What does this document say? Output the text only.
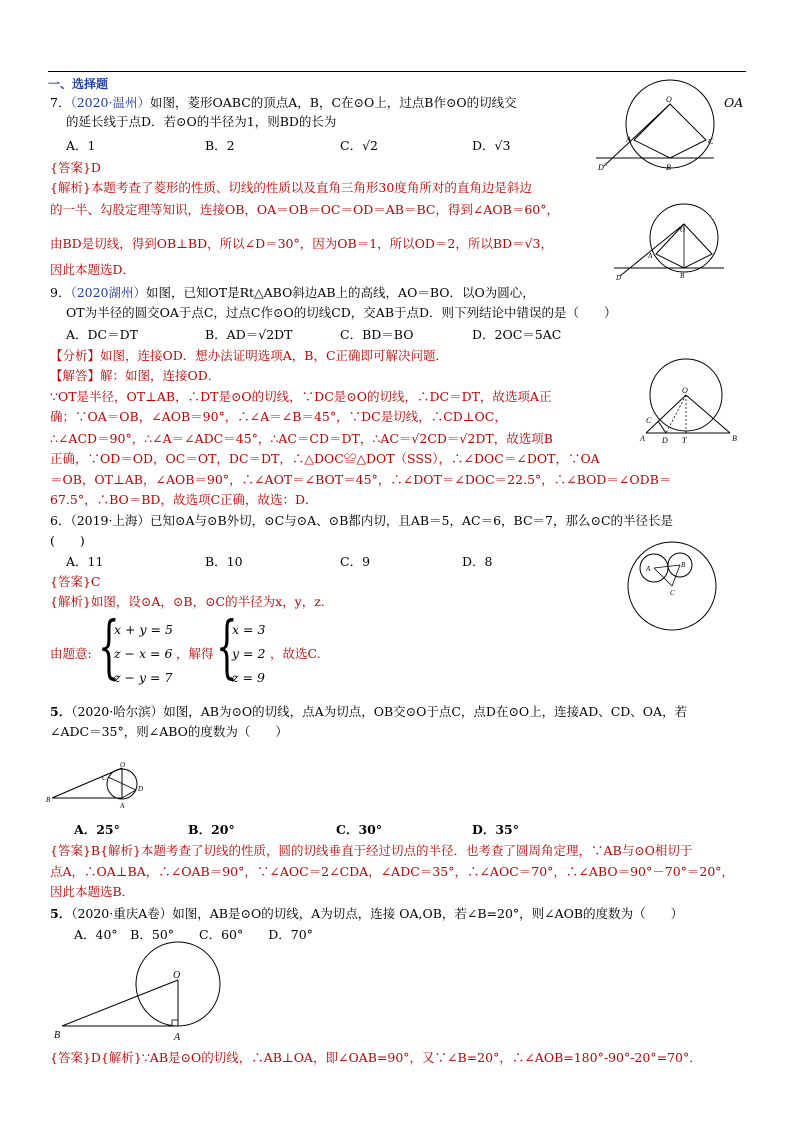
一、选择题
7．（2020·温州）如图，菱形OABC的顶点A，B，C在⊙O上，过点B作⊙O的切线交	OA
的延长线于点D．若⊙O的半径为1，则BD的长为
A．1	B．2	C．√2	D．√3
{答案}D
{解析}本题考查了菱形的性质、切线的性质以及直角三角形30度角所对的直角边是斜边
的一半、勾股定理等知识，连接OB，OA＝OB＝OC＝OD＝AB＝BC，得到∠AOB＝60°，
由BD是切线，得到OB⊥BD，所以∠D＝30°，因为OB＝1，所以OD＝2，所以BD＝√3，
因此本题选D．
O
A
B
C
D
O
A
B
D
9．（2020湖州）如图，已知OT是Rt△ABO斜边AB上的高线，AO＝BO．以O为圆心，
OT为半径的圆交OA于点C，过点C作⊙O的切线CD，交AB于点D．则下列结论中错误的是（　　）
A．DC＝DT	B．AD＝√2DT	C．BD＝BO	D．2OC＝5AC
【分析】如图，连接OD．想办法证明选项A，B，C正确即可解决问题．
【解答】解：如图，连接OD．
∵OT是半径，OT⊥AB，∴DT是⊙O的切线，∵DC是⊙O的切线，∴DC＝DT，故选项A正
确；∵OA＝OB，∠AOB＝90°，∴∠A＝∠B＝45°，∵DC是切线，∴CD⊥OC，
∴∠ACD＝90°，∴∠A＝∠ADC＝45°，∴AC＝CD＝DT，∴AC＝√2CD＝√2DT，故选项B
正确，∵OD＝OD，OC＝OT，DC＝DT，∴△DOC≌△DOT（SSS），∴∠DOC＝∠DOT，∵OA
＝OB，OT⊥AB，∠AOB＝90°，∴∠AOT＝∠BOT＝45°，∴∠DOT＝∠DOC＝22.5°，∴∠BOD＝∠ODB＝
67.5°，∴BO＝BD，故选项C正确，故选：D．
O
C
A D T	B
6．（2019·上海）已知⊙A与⊙B外切，⊙C与⊙A、⊙B都内切，且AB＝5，AC＝6，BC＝7，那么⊙C的半径长是
(　　)
A．11	B．10	C．9	D．8
{答案}C
{解析}如图，设⊙A，⊙B，⊙C的半径为x，y，z．
由题意: {
x + y = 5
z − x = 6
z − y = 7
，解得 {
x = 3
y = 2
z = 9
，故选C.
A	B
C
5．（2020·哈尔滨）如图，AB为⊙O的切线，点A为切点，OB交⊙O于点C，点D在⊙O上，连接AD、CD、OA，若
∠ADC＝35°，则∠ABO的度数为（　　）
O
C
D
B
A
A．25°	B．20°	C．30°	D．35°
{答案}B{解析}本题考查了切线的性质，圆的切线垂直于经过切点的半径．也考查了圆周角定理，∵AB与⊙O相切于
点A，∴OA⊥BA，∴∠OAB＝90°，∵∠AOC＝2∠CDA，∠ADC＝35°，∴∠AOC＝70°，∴∠ABO＝90°－70°＝20°，
因此本题选B．
5．（2020·重庆A卷）如图，AB是⊙O的切线，A为切点，连接 OA,OB，若∠B=20°，则∠AOB的度数为（　　）
A．40°　B．50°　　C．60°　　D．70°
O
B	A
{答案}D{解析}∵AB是⊙O的切线，∴AB⊥OA，即∠OAB=90°，又∵∠B=20°，∴∠AOB=180°-90°-20°=70°．
